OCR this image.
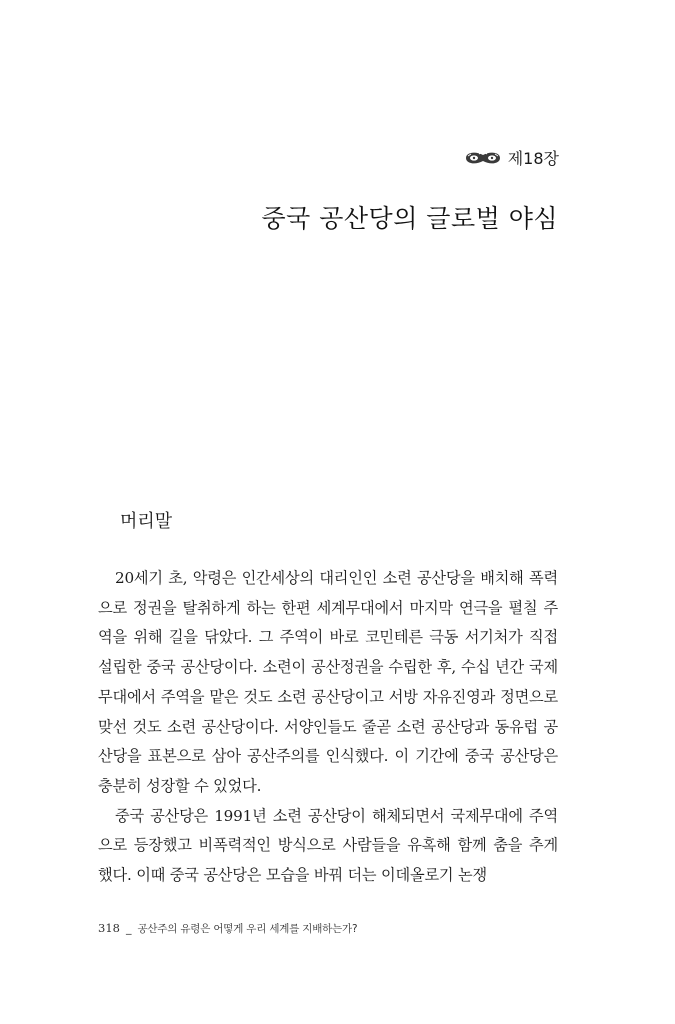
제18장
중국 공산당의 글로벌 야심
머리말

20세기 초, 악령은 인간세상의 대리인인 소련 공산당을 배치해 폭력으로 정권을 탈취하게 하는 한편 세계무대에서 마지막 연극을 펼칠 주역을 위해 길을 닦았다. 그 주역이 바로 코민테른 극동 서기처가 직접 설립한 중국 공산당이다. 소련이 공산정권을 수립한 후, 수십 년간 국제무대에서 주역을 맡은 것도 소련 공산당이고 서방 자유진영과 정면으로 맞선 것도 소련 공산당이다. 서양인들도 줄곧 소련 공산당과 동유럽 공산당을 표본으로 삼아 공산주의를 인식했다. 이 기간에 중국 공산당은 충분히 성장할 수 있었다.

중국 공산당은 1991년 소련 공산당이 해체되면서 국제무대에 주역으로 등장했고 비폭력적인 방식으로 사람들을 유혹해 함께 춤을 추게 했다. 이때 중국 공산당은 모습을 바꿔 더는 이데올로기 논쟁

318 _ 공산주의 유령은 어떻게 우리 세계를 지배하는가?
